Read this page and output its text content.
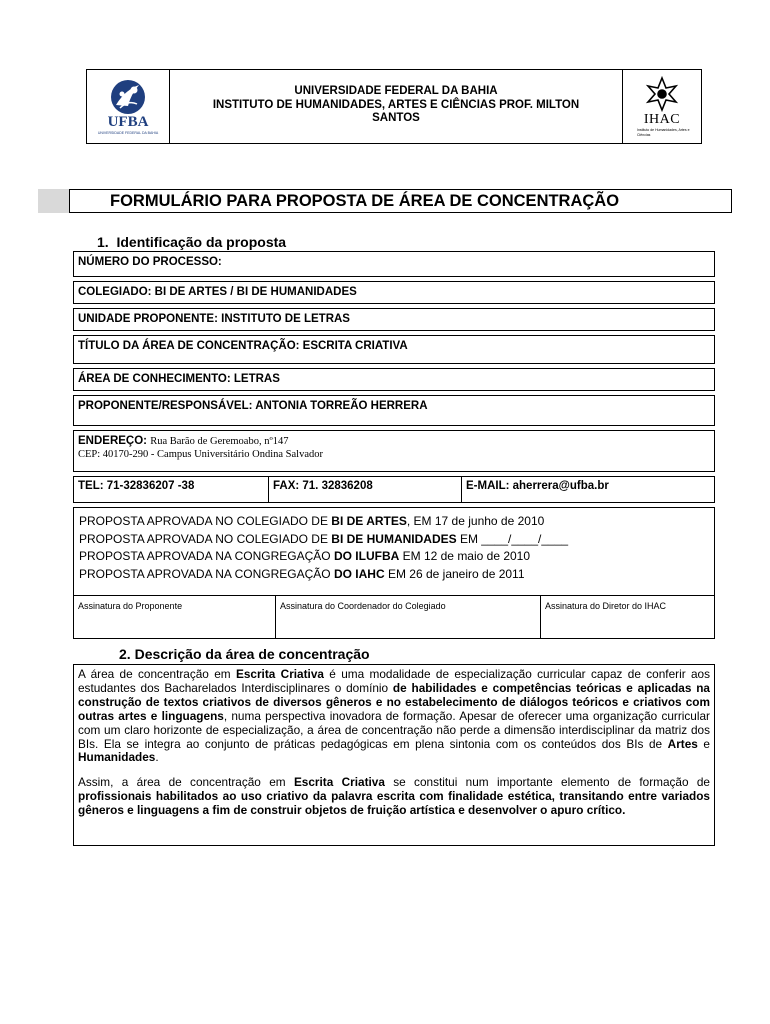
UFBA
UNIVERSIDADE FEDERAL DA BAHIA
UNIVERSIDADE FEDERAL DA BAHIA
INSTITUTO DE HUMANIDADES, ARTES E CIÊNCIAS PROF. MILTON
SANTOS	IHAC
Instituto de Humanidades, Artes e Ciências
FORMULÁRIO PARA PROPOSTA DE ÁREA DE CONCENTRAÇÃO
1. Identificação da proposta
NÚMERO DO PROCESSO:
COLEGIADO: BI DE ARTES / BI DE HUMANIDADES
UNIDADE PROPONENTE: INSTITUTO DE LETRAS
TÍTULO DA ÁREA DE CONCENTRAÇÃO: ESCRITA CRIATIVA
ÁREA DE CONHECIMENTO: LETRAS
PROPONENTE/RESPONSÁVEL: ANTONIA TORREÃO HERRERA
ENDEREÇO: Rua Barão de Geremoabo, nº147
CEP: 40170-290 - Campus Universitário Ondina Salvador
TEL: 71-32836207 -38	FAX: 71. 32836208	E-MAIL: aherrera@ufba.br
PROPOSTA APROVADA NO COLEGIADO DE BI DE ARTES, EM 17 de junho de 2010
PROPOSTA APROVADA NO COLEGIADO DE BI DE HUMANIDADES EM ____/____/____
PROPOSTA APROVADA NA CONGREGAÇÃO DO ILUFBA EM 12 de maio de 2010
PROPOSTA APROVADA NA CONGREGAÇÃO DO IAHC EM 26 de janeiro de 2011
Assinatura do Proponente	Assinatura do Coordenador do Colegiado	Assinatura do Diretor do IHAC
2. Descrição da área de concentração

A área de concentração em Escrita Criativa é uma modalidade de especialização curricular capaz de conferir aos estudantes dos Bacharelados Interdisciplinares o domínio de habilidades e competências teóricas e aplicadas na construção de textos criativos de diversos gêneros e no estabelecimento de diálogos teóricos e criativos com outras artes e linguagens, numa perspectiva inovadora de formação. Apesar de oferecer uma organização curricular com um claro horizonte de especialização, a área de concentração não perde a dimensão interdisciplinar da matriz dos BIs. Ela se integra ao conjunto de práticas pedagógicas em plena sintonia com os conteúdos dos BIs de Artes e Humanidades.

Assim, a área de concentração em Escrita Criativa se constitui num importante elemento de formação de profissionais habilitados ao uso criativo da palavra escrita com finalidade estética, transitando entre variados gêneros e linguagens a fim de construir objetos de fruição artística e desenvolver o apuro crítico.
